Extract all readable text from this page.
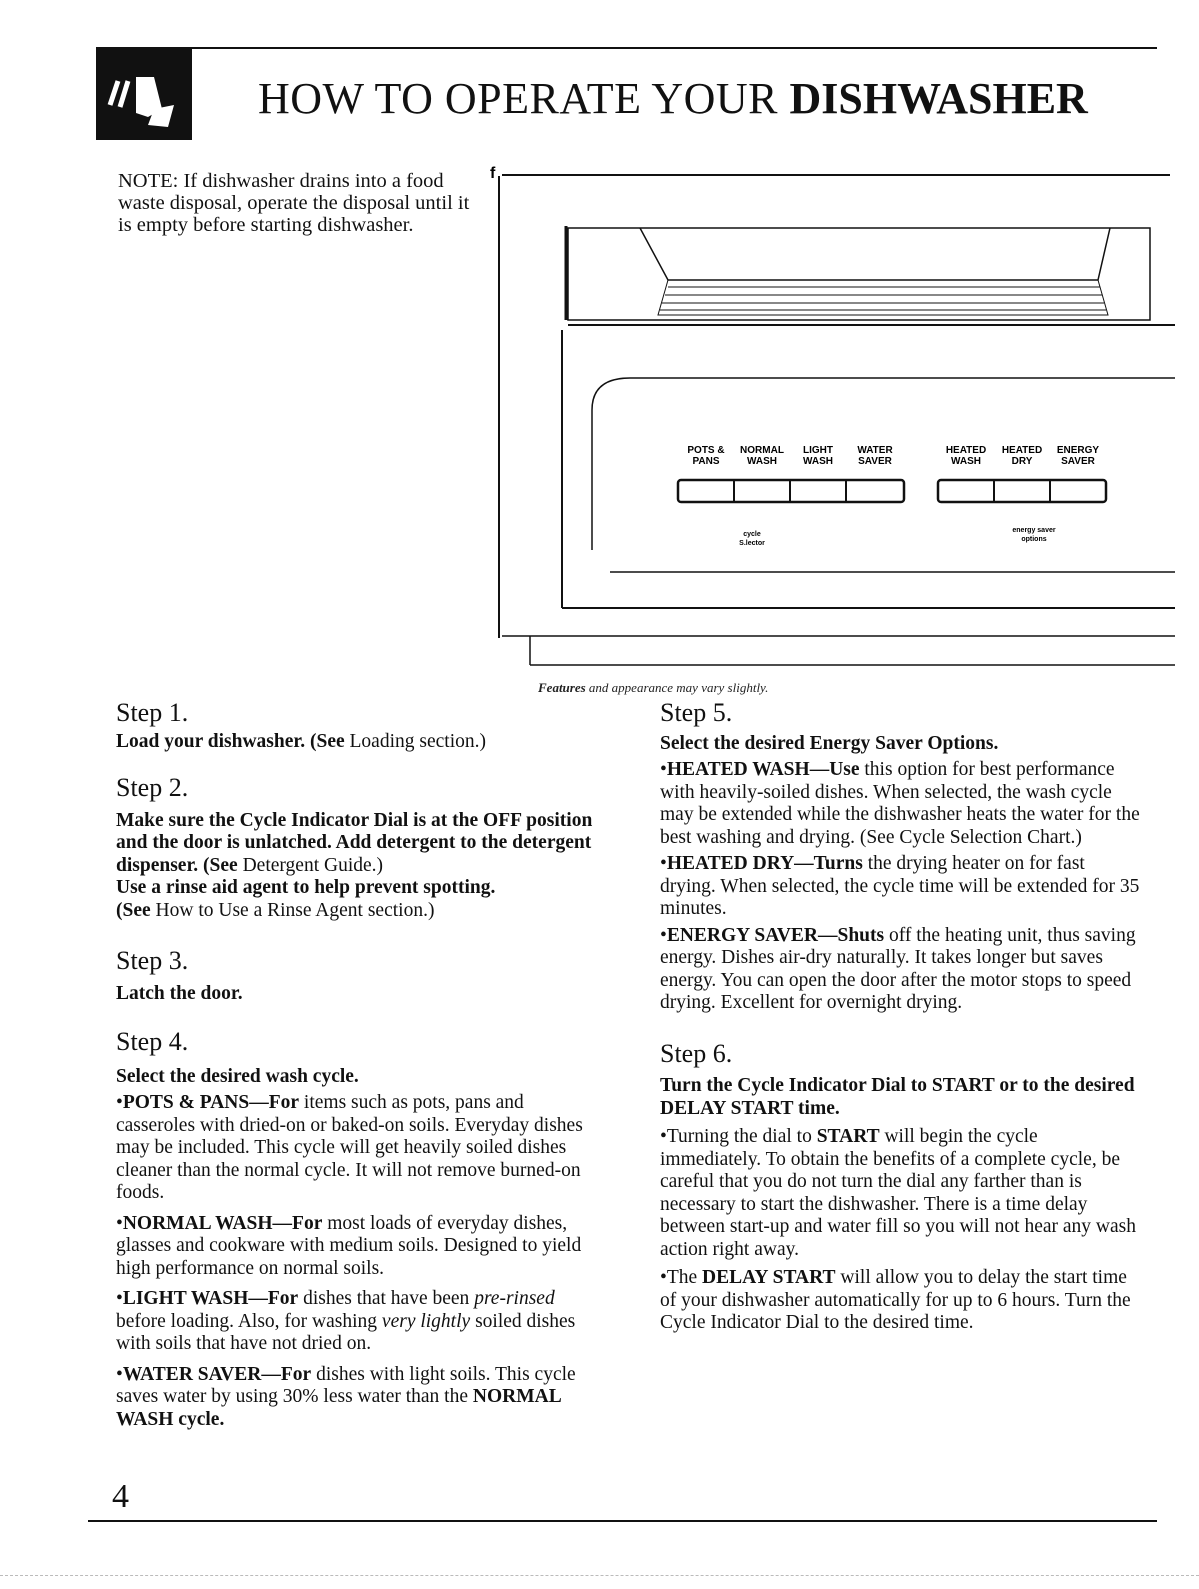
HOW TO OPERATE YOUR DISHWASHER
NOTE: If dishwasher drains into a food waste disposal, operate the disposal until it is empty before starting dishwasher.
f
POTS &
PANS
NORMAL
WASH
LIGHT
WASH
WATER
SAVER
HEATED
WASH
HEATED
DRY
ENERGY
SAVER
cycle
S.lector
energy saver
options
Features and appearance may vary slightly.

Step 1.

Load your dishwasher. (See Loading section.)

Step 2.

Make sure the Cycle Indicator Dial is at the OFF position and the door is unlatched. Add detergent to the detergent dispenser. (See Detergent Guide.)
Use a rinse aid agent to help prevent spotting.
(See How to Use a Rinse Agent section.)

Step 3.

Latch the door.

Step 4.

Select the desired wash cycle.

•POTS & PANS—For items such as pots, pans and casseroles with dried-on or baked-on soils. Everyday dishes may be included. This cycle will get heavily soiled dishes cleaner than the normal cycle. It will not remove burned-on foods.

•NORMAL WASH—For most loads of everyday dishes, glasses and cookware with medium soils. Designed to yield high performance on normal soils.

•LIGHT WASH—For dishes that have been pre-rinsed before loading. Also, for washing very lightly soiled dishes with soils that have not dried on.

•WATER SAVER—For dishes with light soils. This cycle saves water by using 30% less water than the NORMAL WASH cycle.

Step 5.

Select the desired Energy Saver Options.

•HEATED WASH—Use this option for best performance with heavily-soiled dishes. When selected, the wash cycle may be extended while the dishwasher heats the water for the best washing and drying. (See Cycle Selection Chart.)

•HEATED DRY—Turns the drying heater on for fast drying. When selected, the cycle time will be extended for 35 minutes.

•ENERGY SAVER—Shuts off the heating unit, thus saving energy. Dishes air-dry naturally. It takes longer but saves energy. You can open the door after the motor stops to speed drying. Excellent for overnight drying.

Step 6.

Turn the Cycle Indicator Dial to START or to the desired DELAY START time.

•Turning the dial to START will begin the cycle immediately. To obtain the benefits of a complete cycle, be careful that you do not turn the dial any farther than is necessary to start the dishwasher. There is a time delay between start-up and water fill so you will not hear any wash action right away.

•The DELAY START will allow you to delay the start time of your dishwasher automatically for up to 6 hours. Turn the Cycle Indicator Dial to the desired time.

4
